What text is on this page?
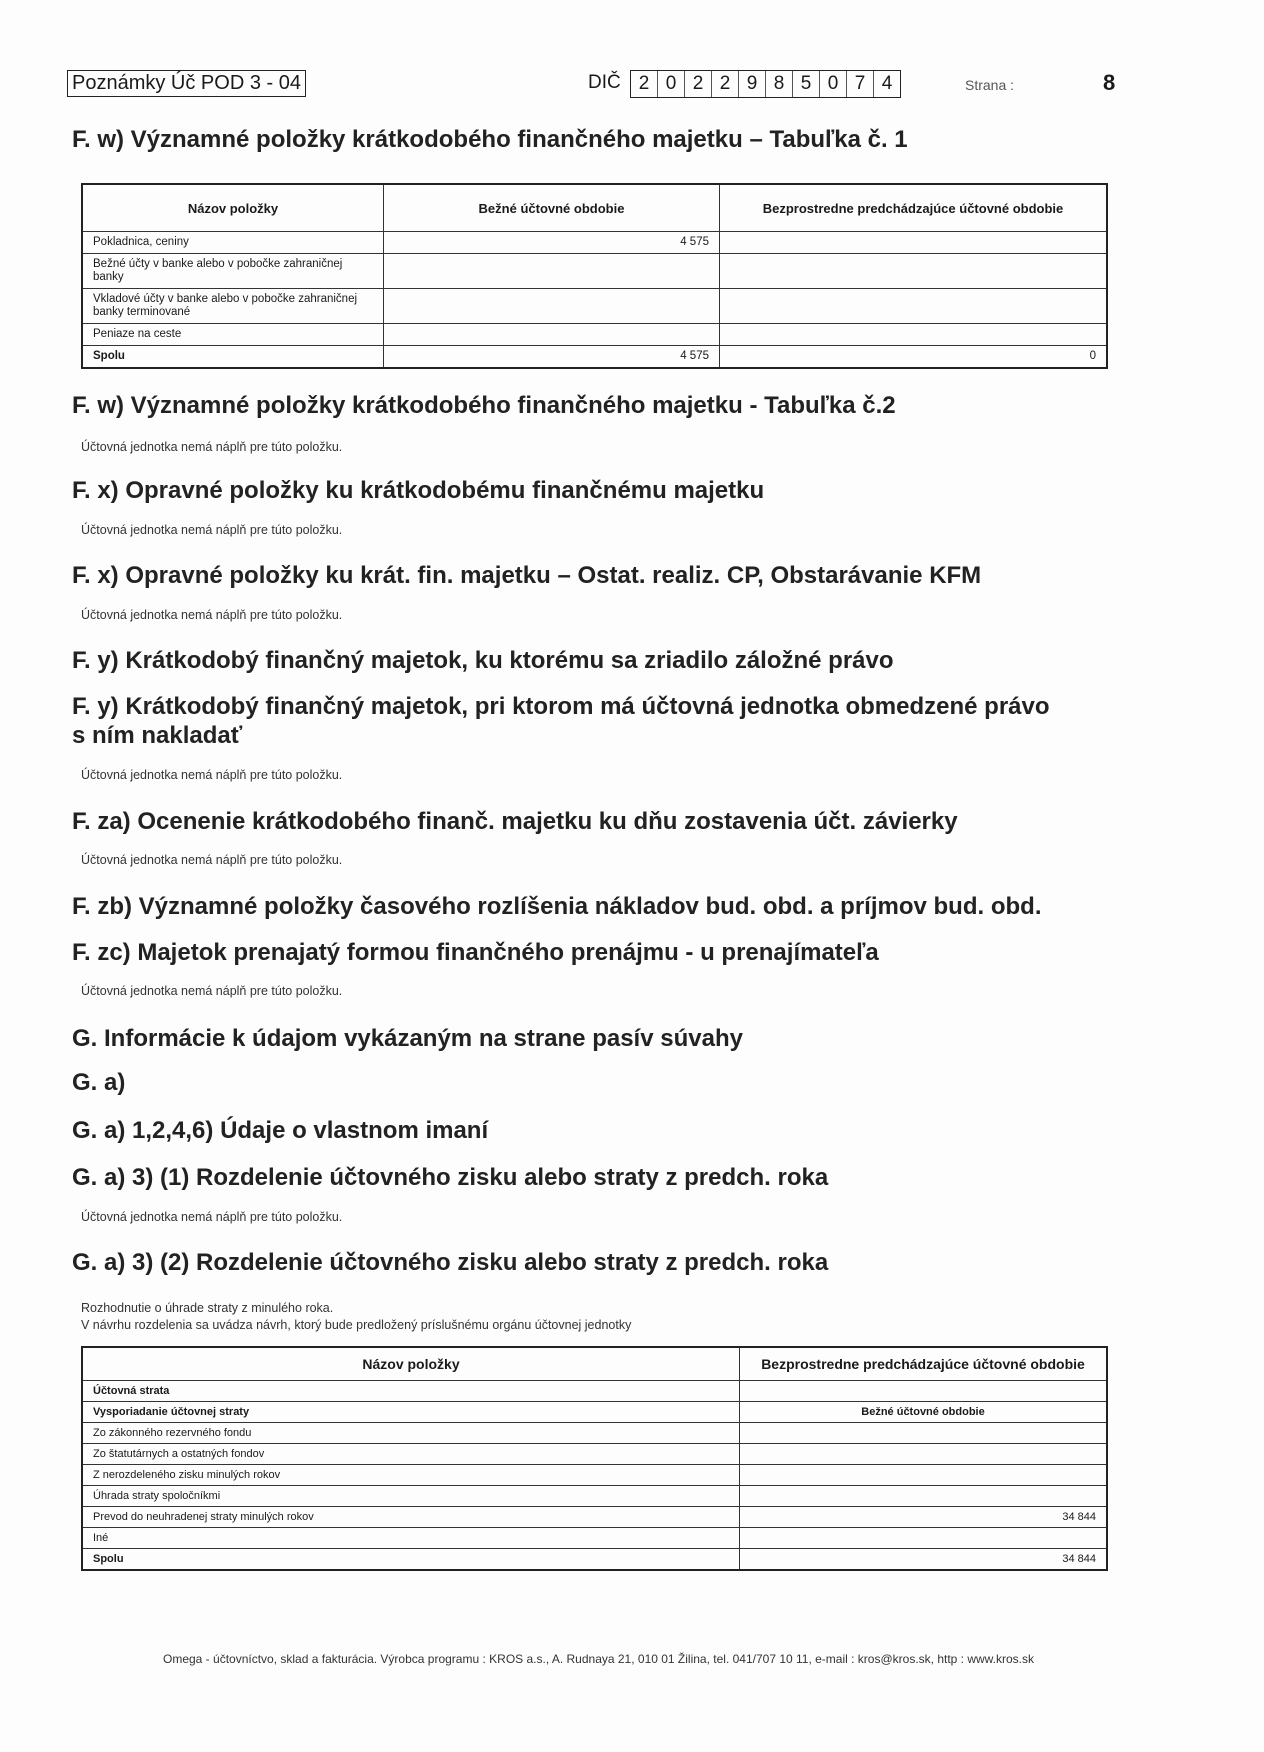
Poznámky Úč POD 3 - 04	DIČ 2 0 2 2 9 8 5 0 7 4	Strana :	8
F. w) Významné položky krátkodobého finančného majetku – Tabuľka č. 1
Názov položky	Bežné účtovné obdobie	Bezprostredne predchádzajúce účtovné obdobie
Pokladnica, ceniny	4 575	
Bežné účty v banke alebo v pobočke zahraničnej banky		
Vkladové účty v banke alebo v pobočke zahraničnej banky terminované		
Peniaze na ceste		
Spolu	4 575	0
F. w) Významné položky krátkodobého finančného majetku - Tabuľka č.2
Účtovná jednotka nemá náplň pre túto položku.
F. x) Opravné položky ku krátkodobému finančnému majetku
Účtovná jednotka nemá náplň pre túto položku.
F. x) Opravné položky ku krát. fin. majetku – Ostat. realiz. CP, Obstarávanie KFM
Účtovná jednotka nemá náplň pre túto položku.
F. y) Krátkodobý finančný majetok, ku ktorému sa zriadilo záložné právo
F. y) Krátkodobý finančný majetok, pri ktorom má účtovná jednotka obmedzené právo
s ním nakladať
Účtovná jednotka nemá náplň pre túto položku.
F. za) Ocenenie krátkodobého finanč. majetku ku dňu zostavenia účt. závierky
Účtovná jednotka nemá náplň pre túto položku.
F. zb) Významné položky časového rozlíšenia nákladov bud. obd. a príjmov bud. obd.
F. zc) Majetok prenajatý formou finančného prenájmu - u prenajímateľa
Účtovná jednotka nemá náplň pre túto položku.
G. Informácie k údajom vykázaným na strane pasív súvahy
G. a)
G. a) 1,2,4,6) Údaje o vlastnom imaní
G. a) 3) (1) Rozdelenie účtovného zisku alebo straty z predch. roka
Účtovná jednotka nemá náplň pre túto položku.
G. a) 3) (2) Rozdelenie účtovného zisku alebo straty z predch. roka
Rozhodnutie o úhrade straty z minulého roka.
V návrhu rozdelenia sa uvádza návrh, ktorý bude predložený príslušnému orgánu účtovnej jednotky
Názov položky	Bezprostredne predchádzajúce účtovné obdobie
Účtovná strata	
Vysporiadanie účtovnej straty	Bežné účtovné obdobie
Zo zákonného rezervného fondu	
Zo štatutárnych a ostatných fondov	
Z nerozdeleného zisku minulých rokov	
Úhrada straty spoločníkmi	
Prevod do neuhradenej straty minulých rokov	34 844
Iné	
Spolu	34 844
Omega - účtovníctvo, sklad a fakturácia. Výrobca programu : KROS a.s., A. Rudnaya 21, 010 01 Žilina, tel. 041/707 10 11, e-mail : kros@kros.sk, http : www.kros.sk
